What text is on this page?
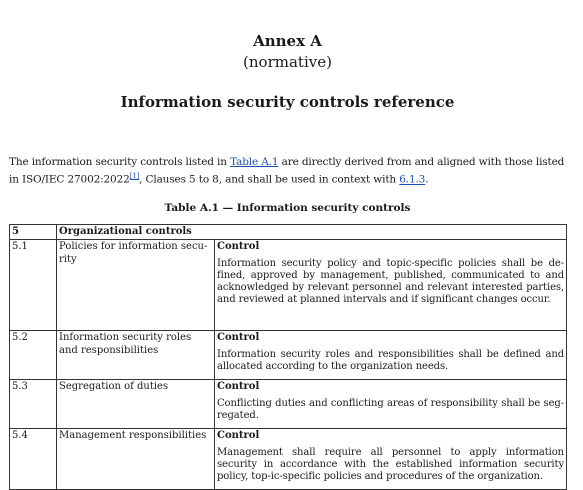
Annex A
(normative)
Information security controls reference

The information security controls listed in Table A.1 are directly derived from and aligned with those listed in ISO/IEC 27002:2022[1], Clauses 5 to 8, and shall be used in context with 6.1.3.

Table A.1 — Information security controls
5	Organizational controls	
5.1	Policies for information secu-rity	Control
Information security policy and topic-specific policies shall be de-fined, approved by management, published, communicated to and acknowledged by relevant personnel and relevant interested parties, and reviewed at planned intervals and if significant changes occur.

5.2	Information security roles and responsibilities	Control
Information security roles and responsibilities shall be defined and allocated according to the organization needs.

5.3	Segregation of duties	Control
Conflicting duties and conflicting areas of responsibility shall be seg-regated.

5.4	Management responsibilities	Control
Management shall require all personnel to apply information security in accordance with the established information security policy, top-ic-specific policies and procedures of the organization.
